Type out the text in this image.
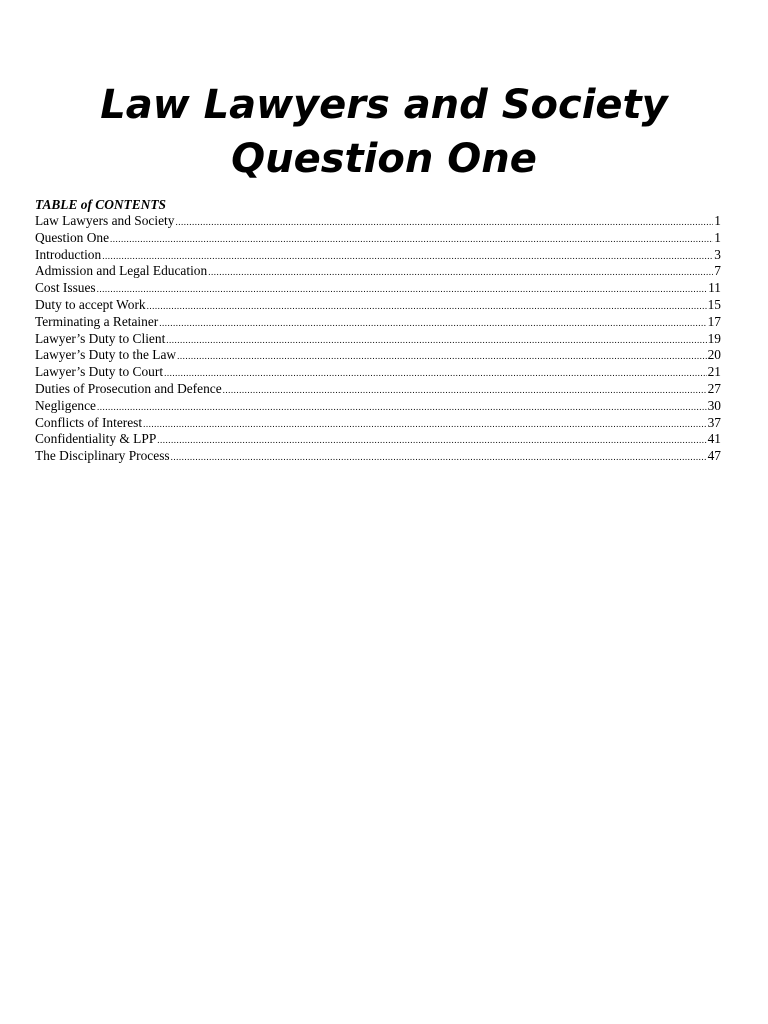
Law Lawyers and Society
Question One
TABLE of CONTENTS
Law Lawyers and Society .....	1
Question One .....	1
Introduction .....	3
Admission and Legal Education .....	7
Cost Issues .....	11
Duty to accept Work .....	15
Terminating a Retainer .....	17
Lawyer’s Duty to Client .....	19
Lawyer’s Duty to the Law .....	20
Lawyer’s Duty to Court .....	21
Duties of Prosecution and Defence .....	27
Negligence .....	30
Conflicts of Interest .....	37
Confidentiality & LPP .....	41
The Disciplinary Process .....	47
